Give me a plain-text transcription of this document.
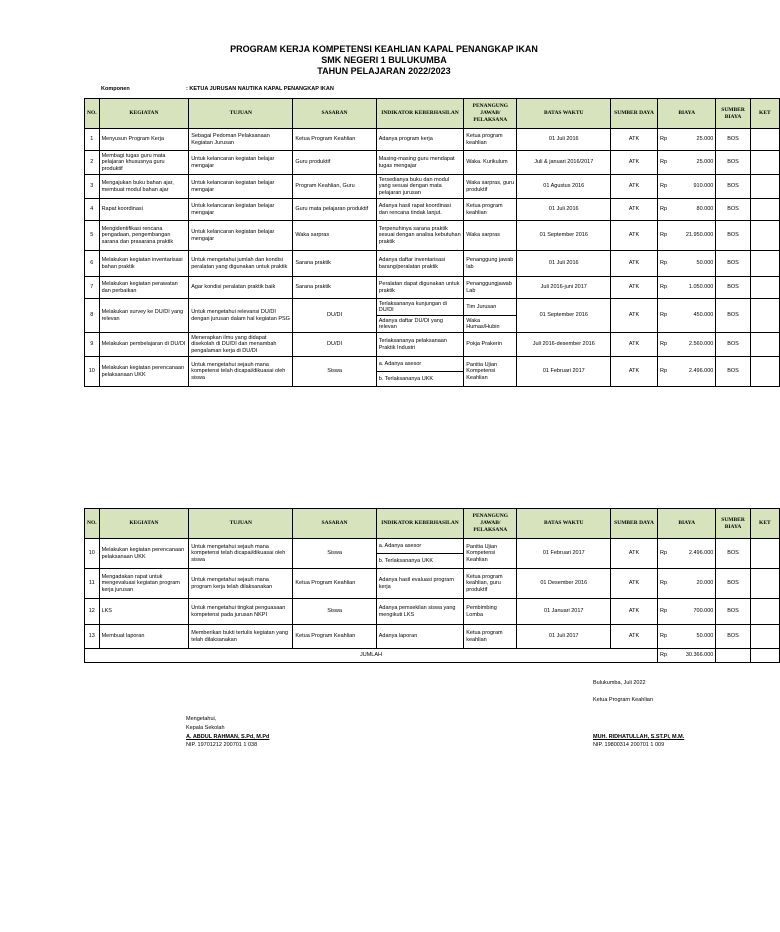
PROGRAM KERJA KOMPETENSI KEAHLIAN KAPAL PENANGKAP IKAN
SMK NEGERI 1 BULUKUMBA
TAHUN PELAJARAN 2022/2023
Komponen	: KETUA JURUSAN NAUTIKA KAPAL PENANGKAP IKAN
NO.	KEGIATAN	TUJUAN	SASARAN	INDIKATOR KEBERHASILAN	PENANGUNG JAWAB/ PELAKSANA	BATAS WAKTU	SUMBER DAYA	BIAYA	SUMBER BIAYA	KET
1	Menyusun Program Kerja	Sebagai Pedoman Pelaksanaan Kegiatan Jurusan	Ketua Program Keahlian	Adanya program kerja	Ketua program keahlian	01 Juli 2016	ATK	Rp 25.000	BOS	
2	Membagi tugas guru mata pelajaran khususnya guru produktif	Untuk kelancaran kegiatan belajar mengajar	Guru produktif	Masing-masing guru mendapat tugas mengajar	Waka. Kurikulum	Juli & januari 2016/2017	ATK	Rp 25.000	BOS	
3	Mengajukan buku bahan ajar, membuat modul bahan ajar	Untuk kelancaran kegiatan belajar mengajar	Program Keahlian, Guru	Tersedianya buku dan modul yang sesuai dengan mata pelajaran jurusan	Waka sarpras, guru produktif	01 Agustus 2016	ATK	Rp 910.000	BOS	
4	Rapat koordinasi	Untuk kelancaran kegiatan belajar mengajar	Guru mata pelajaran produktif	Adanya hasil rapat koordinasi dan rencana tindak lanjut.	Ketua program keahlian	01 Juli 2016	ATK	Rp 80.000	BOS	
5	Mengidentifikasi rencana pengadaan, pengembangan sarana dan prasarana praktik	Untuk kelancaran kegiatan belajar mengajar	Waka sarpras	Terpenuhinya sarana praktik sesuai dengan analisa kebutuhan praktik	Waka sarpras	01 September 2016	ATK	Rp 21.950.000	BOS	
6	Melakukan kegiatan inventarisasi bahan praktik	Untuk mengetahui jumlah dan kondisi peralatan yang digunakan untuk praktik	Sarana praktik	Adanya daftar inventarisasi barang/peralatan praktik	Penanggung jawab lab	01 Juli 2016	ATK	Rp 50.000	BOS	
7	Melakukan kegiatan perawatan dan perbaikan	Agar kondisi peralatan praktik baik	Sarana praktik	Peralatan dapat digunakan untuk praktik	Penanggungjawab Lab	Juli 2016-juni 2017	ATK	Rp 1.050.000	BOS	
8	Melakukan survey ke DU/DI yang relevan	Untuk mengetahui relevansi DU/DI dengan jurusan dalam hal kegiatan PSG	DU/DI	Terlaksananya kunjungan di DU/DI	Tim Jurusan	01 September 2016	ATK	Rp 450.000	BOS	
				Adanya daftar DU/DI yang relevan	Waka Humas/Hubin					
9	Melakukan pembelajaran di DU/DI	Menerapkan ilmu yang didapat disekolah di DU/DI dan menambah pengalaman kerja di DU/DI	DU/DI	Terlaksananya pelaksanaan Praktik Industri	Pokja Prakerin	Juli 2016-desember 2016	ATK	Rp 2.560.000	BOS	
10	Melakukan kegiatan perencanaan pelaksanaan UKK	Untuk mengetahui sejauh mana kompetensi telah dicapai/dikuasai oleh siswa	Siswa	a. Adanya asesor	Panitia Ujian Kompetensi Keahlian	01 Februari 2017	ATK	Rp 2.496.000	BOS	
				b. Terlaksananya UKK						
NO.	KEGIATAN	TUJUAN	SASARAN	INDIKATOR KEBERHASILAN	PENANGUNG JAWAB/ PELAKSANA	BATAS WAKTU	SUMBER DAYA	BIAYA	SUMBER BIAYA	KET
10	Melakukan kegiatan perencanaan pelaksanaan UKK	Untuk mengetahui sejauh mana kompetensi telah dicapai/dikuasai oleh siswa	Siswa	a. Adanya asesor	Panitia Ujian Kompetensi Keahlian	01 Februari 2017	ATK	Rp 2.496.000	BOS	
				b. Terlaksananya UKK						
11	Mengadakan rapat untuk mengevaluasi kegiatan program kerja jurusan	Untuk mengetahui sejauh mana program kerja telah dilaksanakan	Ketua Program Keahlian	Adanya hasil evaluasi program kerja	Ketua program keahlian, guru produktif	01 Desember 2016	ATK	Rp 20.000	BOS	
12	LKS	Untuk mengetahui tingkat penguasaan kompetensi pada jurusan NKPI	Siswa	Adanya pemsekilan siswa yang mengikuti LKS	Pembimbing Lomba	01 Januari 2017	ATK	Rp 700.000	BOS	
13	Membuat laporan	Memberikan bukti tertulis kegiatan yang telah dilaksanakan	Ketua Program Keahlian	Adanya laporan	Ketua program keahlian	01 Juli 2017	ATK	Rp 50.000	BOS	
JUMLAH								Rp 30.366.000		

Mengetahui,
Kepala Sekolah
A. ABDUL RAHMAN, S.Pd, M.Pd
NIP. 19701212 200701 1 038
Bulukumba, Juli 2022
Ketua Program Keahlian
MUH. RIDHATULLAH, S.ST.Pi, M.M.
NIP. 19800314 200701 1 009
